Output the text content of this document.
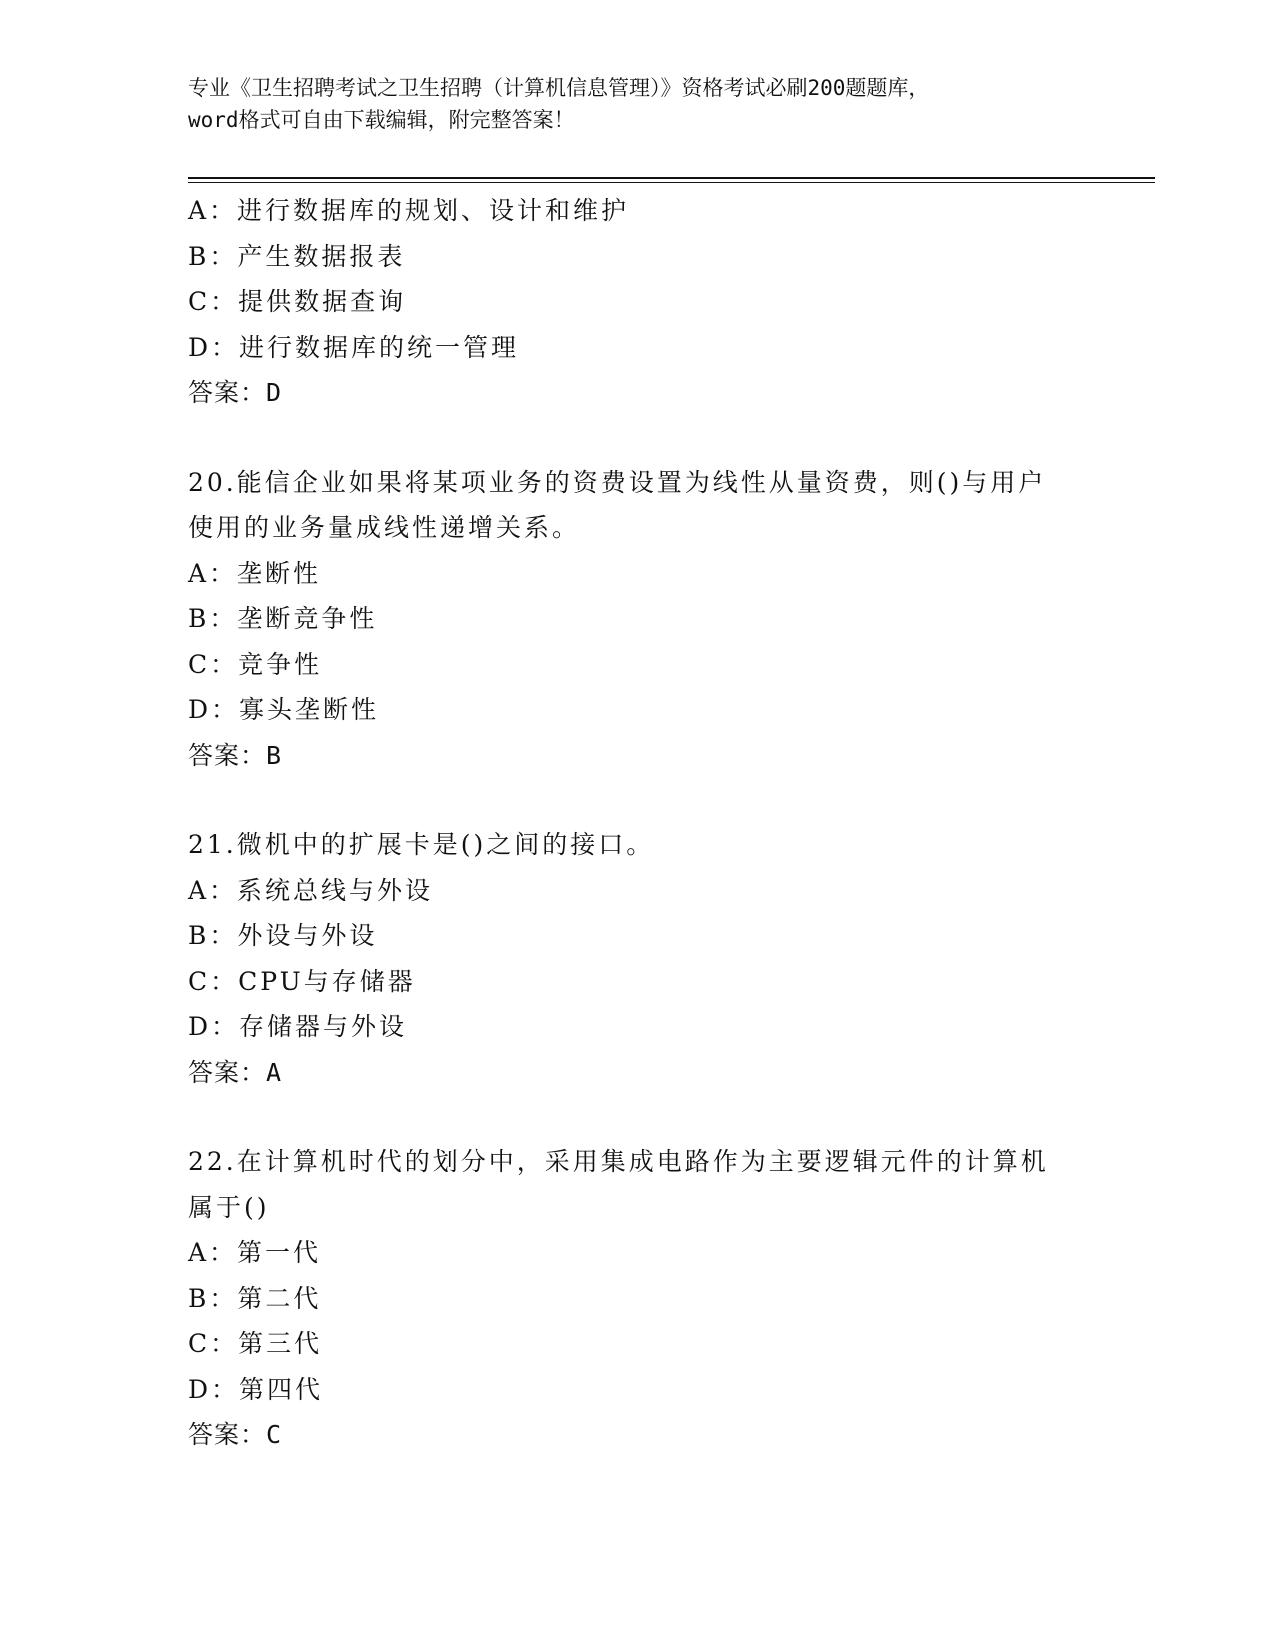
专业《卫生招聘考试之卫生招聘（计算机信息管理）》资格考试必刷200题题库，
word格式可自由下载编辑，附完整答案！
A：进行数据库的规划、设计和维护
B：产生数据报表
C：提供数据查询
D：进行数据库的统一管理
答案：D
20.能信企业如果将某项业务的资费设置为线性从量资费，则()与用户
使用的业务量成线性递增关系。
A：垄断性
B：垄断竞争性
C：竞争性
D：寡头垄断性
答案：B
21.微机中的扩展卡是()之间的接口。
A：系统总线与外设
B：外设与外设
C：CPU与存储器
D：存储器与外设
答案：A
22.在计算机时代的划分中，采用集成电路作为主要逻辑元件的计算机
属于()
A：第一代
B：第二代
C：第三代
D：第四代
答案：C
